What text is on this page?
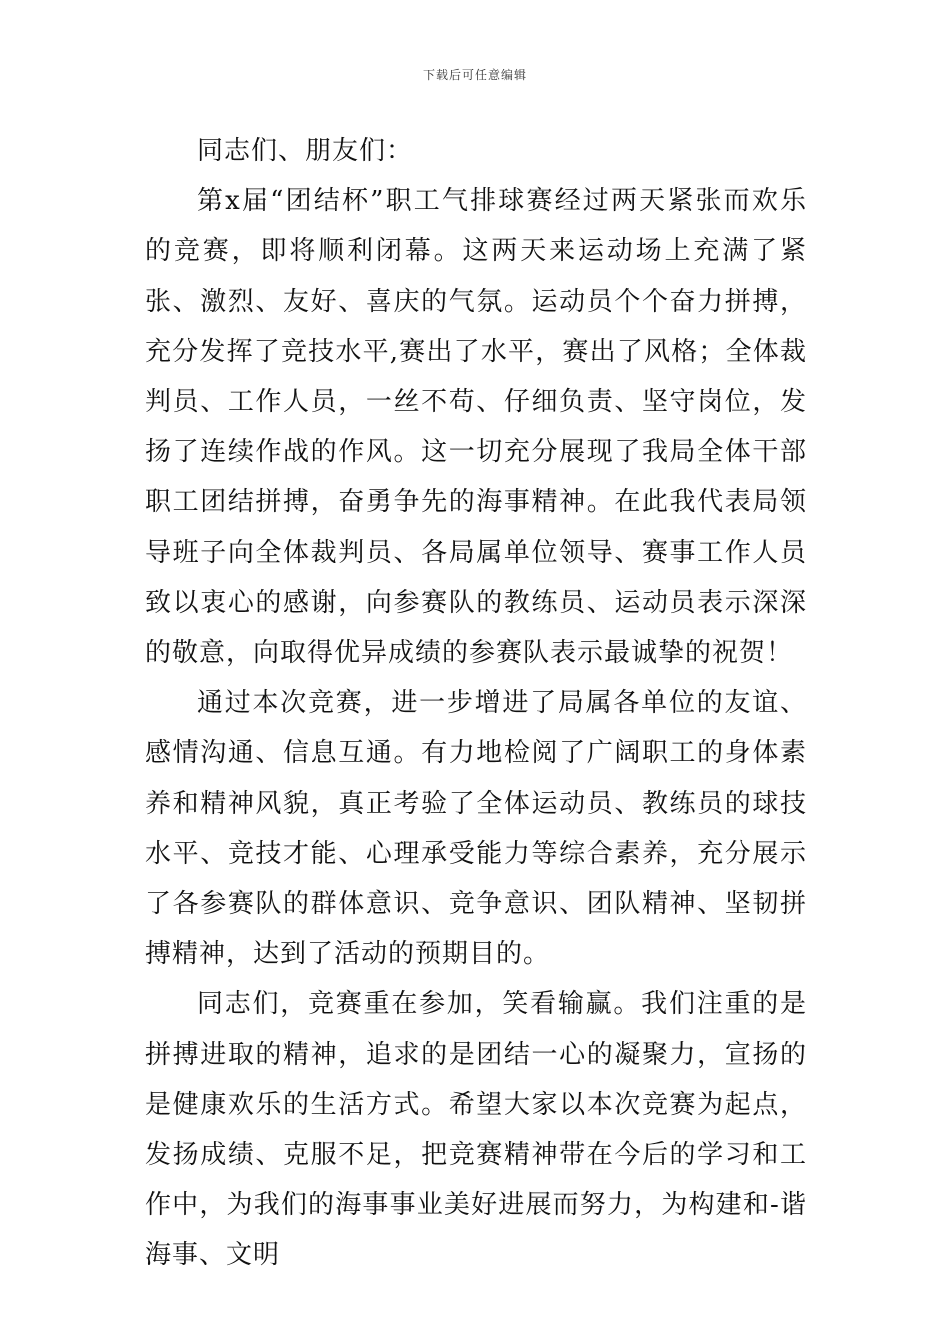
下载后可任意编辑

同志们、朋友们：

第x届“团结杯”职工气排球赛经过两天紧张而欢乐的竞赛，即将顺利闭幕。这两天来运动场上充满了紧张、激烈、友好、喜庆的气氛。运动员个个奋力拼搏，充分发挥了竞技水平,赛出了水平，赛出了风格；全体裁判员、工作人员，一丝不苟、仔细负责、坚守岗位，发扬了连续作战的作风。这一切充分展现了我局全体干部职工团结拼搏，奋勇争先的海事精神。在此我代表局领导班子向全体裁判员、各局属单位领导、赛事工作人员致以衷心的感谢，向参赛队的教练员、运动员表示深深的敬意，向取得优异成绩的参赛队表示最诚挚的祝贺！

通过本次竞赛，进一步增进了局属各单位的友谊、感情沟通、信息互通。有力地检阅了广阔职工的身体素养和精神风貌，真正考验了全体运动员、教练员的球技水平、竞技才能、心理承受能力等综合素养，充分展示了各参赛队的群体意识、竞争意识、团队精神、坚韧拼搏精神，达到了活动的预期目的。

同志们，竞赛重在参加，笑看输赢。我们注重的是拼搏进取的精神，追求的是团结一心的凝聚力，宣扬的是健康欢乐的生活方式。希望大家以本次竞赛为起点，发扬成绩、克服不足，把竞赛精神带在今后的学习和工作中，为我们的海事事业美好进展而努力，为构建和-谐海事、文明
